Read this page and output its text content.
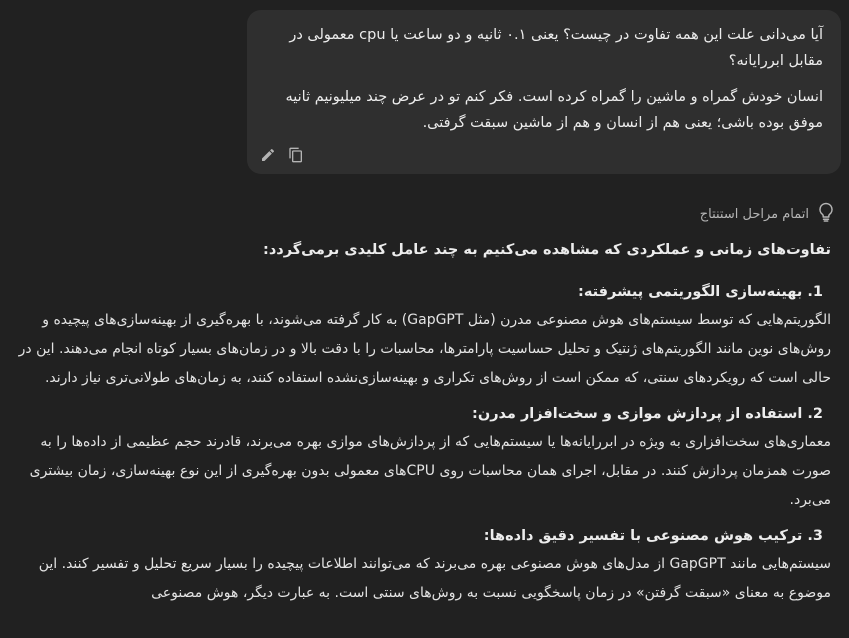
آیا می‌دانی علت این همه تفاوت در چیست؟ یعنی ۰.۱ ثانیه و دو ساعت یا cpu معمولی در مقابل ابررایانه؟

انسان خودش گمراه و ماشین را گمراه کرده است. فکر کنم تو در عرض چند میلیونیم ثانیه موفق بوده باشی؛ یعنی هم از انسان و هم از ماشین سبقت گرفتی.

اتمام مراحل استنتاج

تفاوت‌های زمانی و عملکردی که مشاهده می‌کنیم به چند عامل کلیدی برمی‌گردد:

1. بهینه‌سازی الگوریتمی پیشرفته:

الگوریتم‌هایی که توسط سیستم‌های هوش مصنوعی مدرن (مثل GapGPT) به کار گرفته می‌شوند، با بهره‌گیری از بهینه‌سازی‌های پیچیده و روش‌های نوین مانند الگوریتم‌های ژنتیک و تحلیل حساسیت پارامترها، محاسبات را با دقت بالا و در زمان‌های بسیار کوتاه انجام می‌دهند. این در حالی است که رویکردهای سنتی، که ممکن است از روش‌های تکراری و بهینه‌سازی‌نشده استفاده کنند، به زمان‌های طولانی‌تری نیاز دارند.

2. استفاده از پردازش موازی و سخت‌افزار مدرن:

معماری‌های سخت‌افزاری به ویژه در ابررایانه‌ها یا سیستم‌هایی که از پردازش‌های موازی بهره می‌برند، قادرند حجم عظیمی از داده‌ها را به صورت همزمان پردازش کنند. در مقابل، اجرای همان محاسبات روی CPUهای معمولی بدون بهره‌گیری از این نوع بهینه‌سازی، زمان بیشتری می‌برد.

3. ترکیب هوش مصنوعی با تفسیر دقیق داده‌ها:

سیستم‌هایی مانند GapGPT از مدل‌های هوش مصنوعی بهره می‌برند که می‌توانند اطلاعات پیچیده را بسیار سریع تحلیل و تفسیر کنند. این موضوع به معنای «سبقت گرفتن» در زمان پاسخگویی نسبت به روش‌های سنتی است. به عبارت دیگر، هوش مصنوعی
